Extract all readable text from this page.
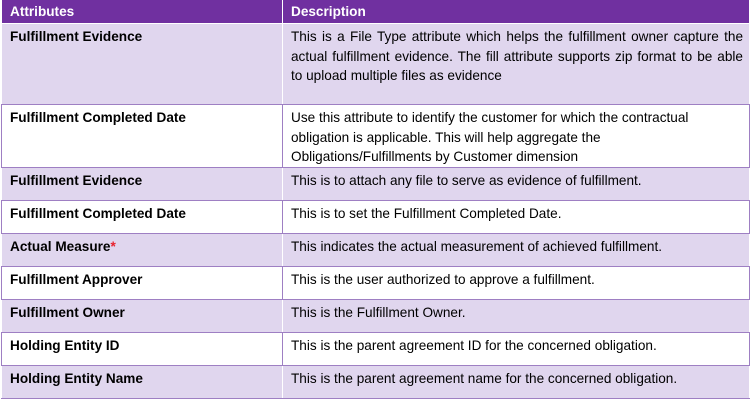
Attributes	Description
Fulfillment Evidence	This is a File Type attribute which helps the fulfillment owner capture the actual fulfillment evidence. The fill attribute supports zip format to be able to upload multiple files as evidence
Fulfillment Completed Date	Use this attribute to identify the customer for which the contractual obligation is applicable. This will help aggregate the Obligations/Fulfillments by Customer dimension
Fulfillment Evidence	This is to attach any file to serve as evidence of fulfillment.
Fulfillment Completed Date	This is to set the Fulfillment Completed Date.
Actual Measure*	This indicates the actual measurement of achieved fulfillment.
Fulfillment Approver	This is the user authorized to approve a fulfillment.
Fulfillment Owner	This is the Fulfillment Owner.
Holding Entity ID	This is the parent agreement ID for the concerned obligation.
Holding Entity Name	This is the parent agreement name for the concerned obligation.
